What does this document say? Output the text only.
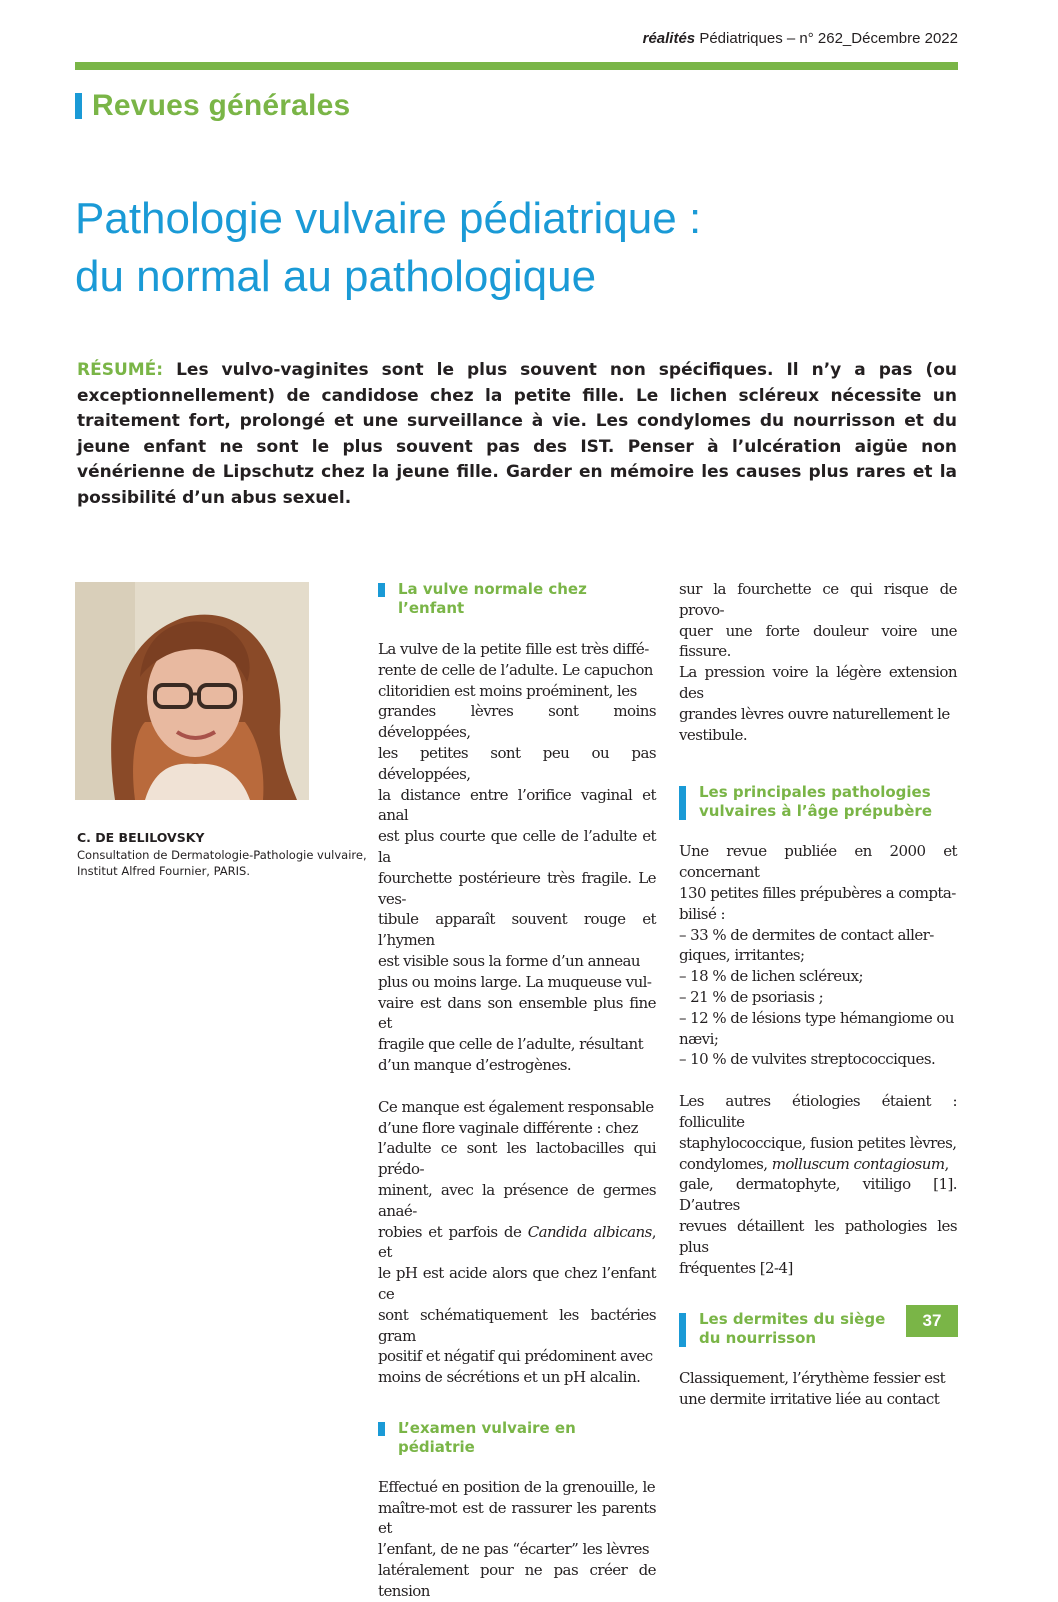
réalités Pédiatriques – n° 262_Décembre 2022
Revues générales
Pathologie vulvaire pédiatrique :
du normal au pathologique
RÉSUMÉ: Les vulvo-vaginites sont le plus souvent non spécifiques. Il n’y a pas (ou exceptionnellement) de candidose chez la petite fille. Le lichen scléreux nécessite un traitement fort, prolongé et une surveillance à vie. Les condylomes du nourrisson et du jeune enfant ne sont le plus souvent pas des IST. Penser à l’ulcération aigüe non vénérienne de Lipschutz chez la jeune fille. Garder en mémoire les causes plus rares et la possibilité d’un abus sexuel.
C. DE BELILOVSKY
Consultation de Dermatologie-Pathologie vulvaire,
Institut Alfred Fournier, PARIS.
La vulve normale chez l’enfant
La vulve de la petite fille est très diffé-
rente de celle de l’adulte. Le capuchon
clitoridien est moins proéminent, les
grandes lèvres sont moins développées,
les petites sont peu ou pas développées,
la distance entre l’orifice vaginal et anal
est plus courte que celle de l’adulte et la
fourchette postérieure très fragile. Le ves-
tibule apparaît souvent rouge et l’hymen
est visible sous la forme d’un anneau
plus ou moins large. La muqueuse vul-
vaire est dans son ensemble plus fine et
fragile que celle de l’adulte, résultant
d’un manque d’estrogènes.
Ce manque est également responsable
d’une flore vaginale différente : chez
l’adulte ce sont les lactobacilles qui prédo-
minent, avec la présence de germes anaé-
robies et parfois de Candida albicans, et
le pH est acide alors que chez l’enfant ce
sont schématiquement les bactéries gram
positif et négatif qui prédominent avec
moins de sécrétions et un pH alcalin.
L’examen vulvaire en pédiatrie
Effectué en position de la grenouille, le
maître-mot est de rassurer les parents et
l’enfant, de ne pas “écarter” les lèvres
latéralement pour ne pas créer de tension
sur la fourchette ce qui risque de provo-
quer une forte douleur voire une fissure.
La pression voire la légère extension des
grandes lèvres ouvre naturellement le
vestibule.
Les principales pathologies
vulvaires à l’âge prépubère
Une revue publiée en 2000 et concernant
130 petites filles prépubères a compta-
bilisé :
– 33 % de dermites de contact aller-
giques, irritantes;
– 18 % de lichen scléreux;
– 21 % de psoriasis ;
– 12 % de lésions type hémangiome ou
nævi;
– 10 % de vulvites streptococciques.
Les autres étiologies étaient : folliculite
staphylococcique, fusion petites lèvres,
condylomes, molluscum contagiosum,
gale, dermatophyte, vitiligo [1]. D’autres
revues détaillent les pathologies les plus
fréquentes [2-4]
Les dermites du siège
du nourrisson
Classiquement, l’érythème fessier est
une dermite irritative liée au contact
37
